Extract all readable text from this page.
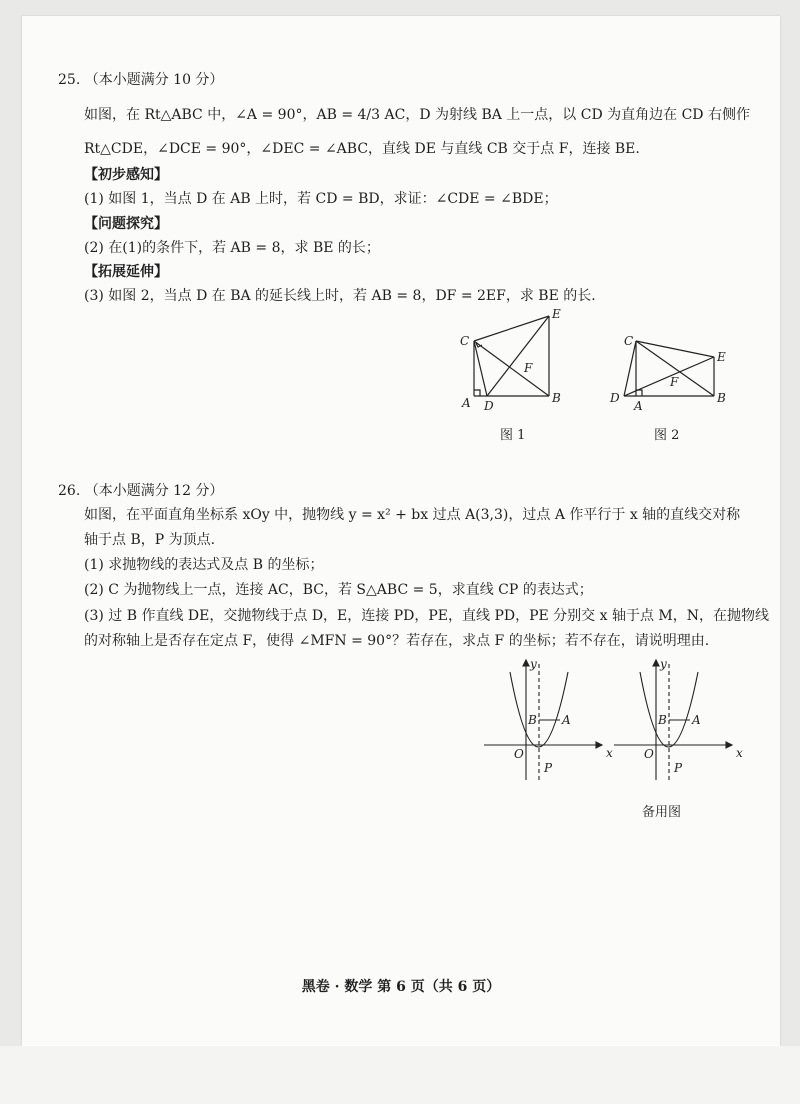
25. （本小题满分 10 分）
如图，在 Rt△ABC 中，∠A = 90°，AB = 4/3 AC，D 为射线 BA 上一点，以 CD 为直角边在 CD 右侧作
Rt△CDE，∠DCE = 90°，∠DEC = ∠ABC，直线 DE 与直线 CB 交于点 F，连接 BE.
【初步感知】
(1) 如图 1，当点 D 在 AB 上时，若 CD = BD，求证：∠CDE = ∠BDE；
【问题探究】
(2) 在(1)的条件下，若 AB = 8，求 BE 的长；
【拓展延伸】
(3) 如图 2，当点 D 在 BA 的延长线上时，若 AB = 8，DF = 2EF，求 BE 的长.
C
E
F
A D
B
图 1
C
E
F
A
D	B
图 2
26. （本小题满分 12 分）
如图，在平面直角坐标系 xOy 中，抛物线 y = x² + bx 过点 A(3,3)，过点 A 作平行于 x 轴的直线交对称
轴于点 B，P 为顶点.
(1) 求抛物线的表达式及点 B 的坐标；
(2) C 为抛物线上一点，连接 AC，BC，若 S△ABC = 5，求直线 CP 的表达式；
(3) 过 B 作直线 DE，交抛物线于点 D，E，连接 PD，PE，直线 PD，PE 分别交 x 轴于点 M，N，在抛物线
的对称轴上是否存在定点 F，使得 ∠MFN = 90°？若存在，求点 F 的坐标；若不存在，请说明理由.
y
x
O
B A
P
y
x
O
B A
P
备用图
黑卷 · 数学 第 6 页（共 6 页）
